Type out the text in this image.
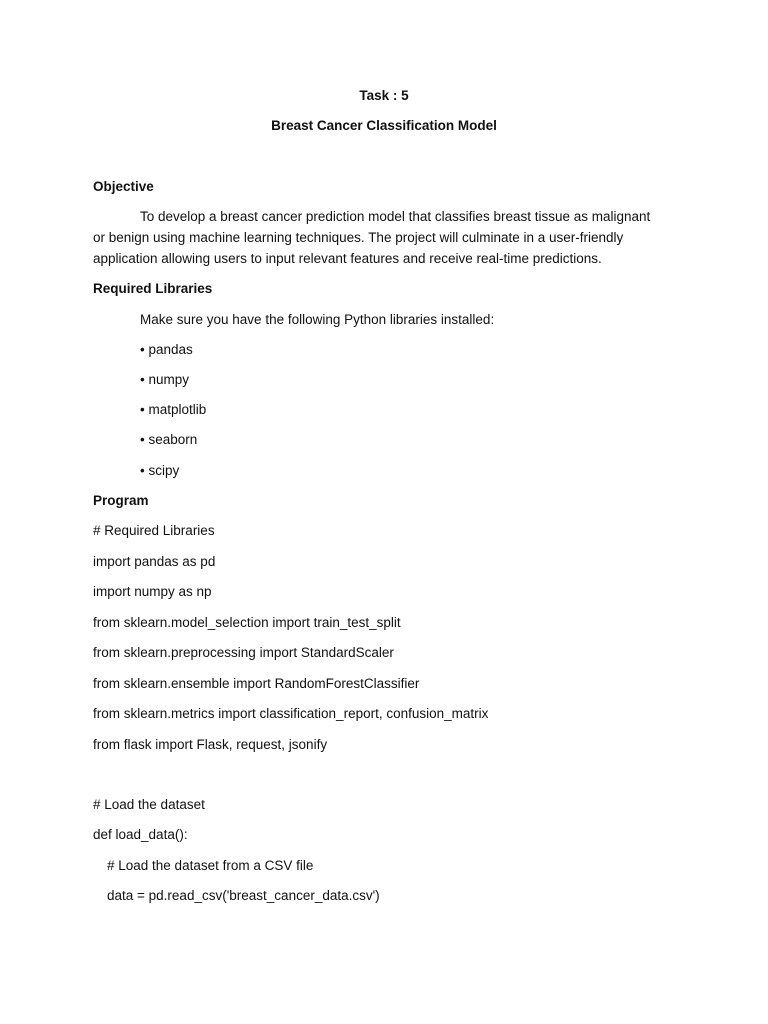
Task : 5
Breast Cancer Classification Model
Objective
To develop a breast cancer prediction model that classifies breast tissue as malignant
or benign using machine learning techniques. The project will culminate in a user-friendly
application allowing users to input relevant features and receive real-time predictions.
Required Libraries
Make sure you have the following Python libraries installed:
• pandas
• numpy
• matplotlib
• seaborn
• scipy
Program
# Required Libraries
import pandas as pd
import numpy as np
from sklearn.model_selection import train_test_split
from sklearn.preprocessing import StandardScaler
from sklearn.ensemble import RandomForestClassifier
from sklearn.metrics import classification_report, confusion_matrix
from flask import Flask, request, jsonify
# Load the dataset
def load_data():
# Load the dataset from a CSV file
data = pd.read_csv('breast_cancer_data.csv')
